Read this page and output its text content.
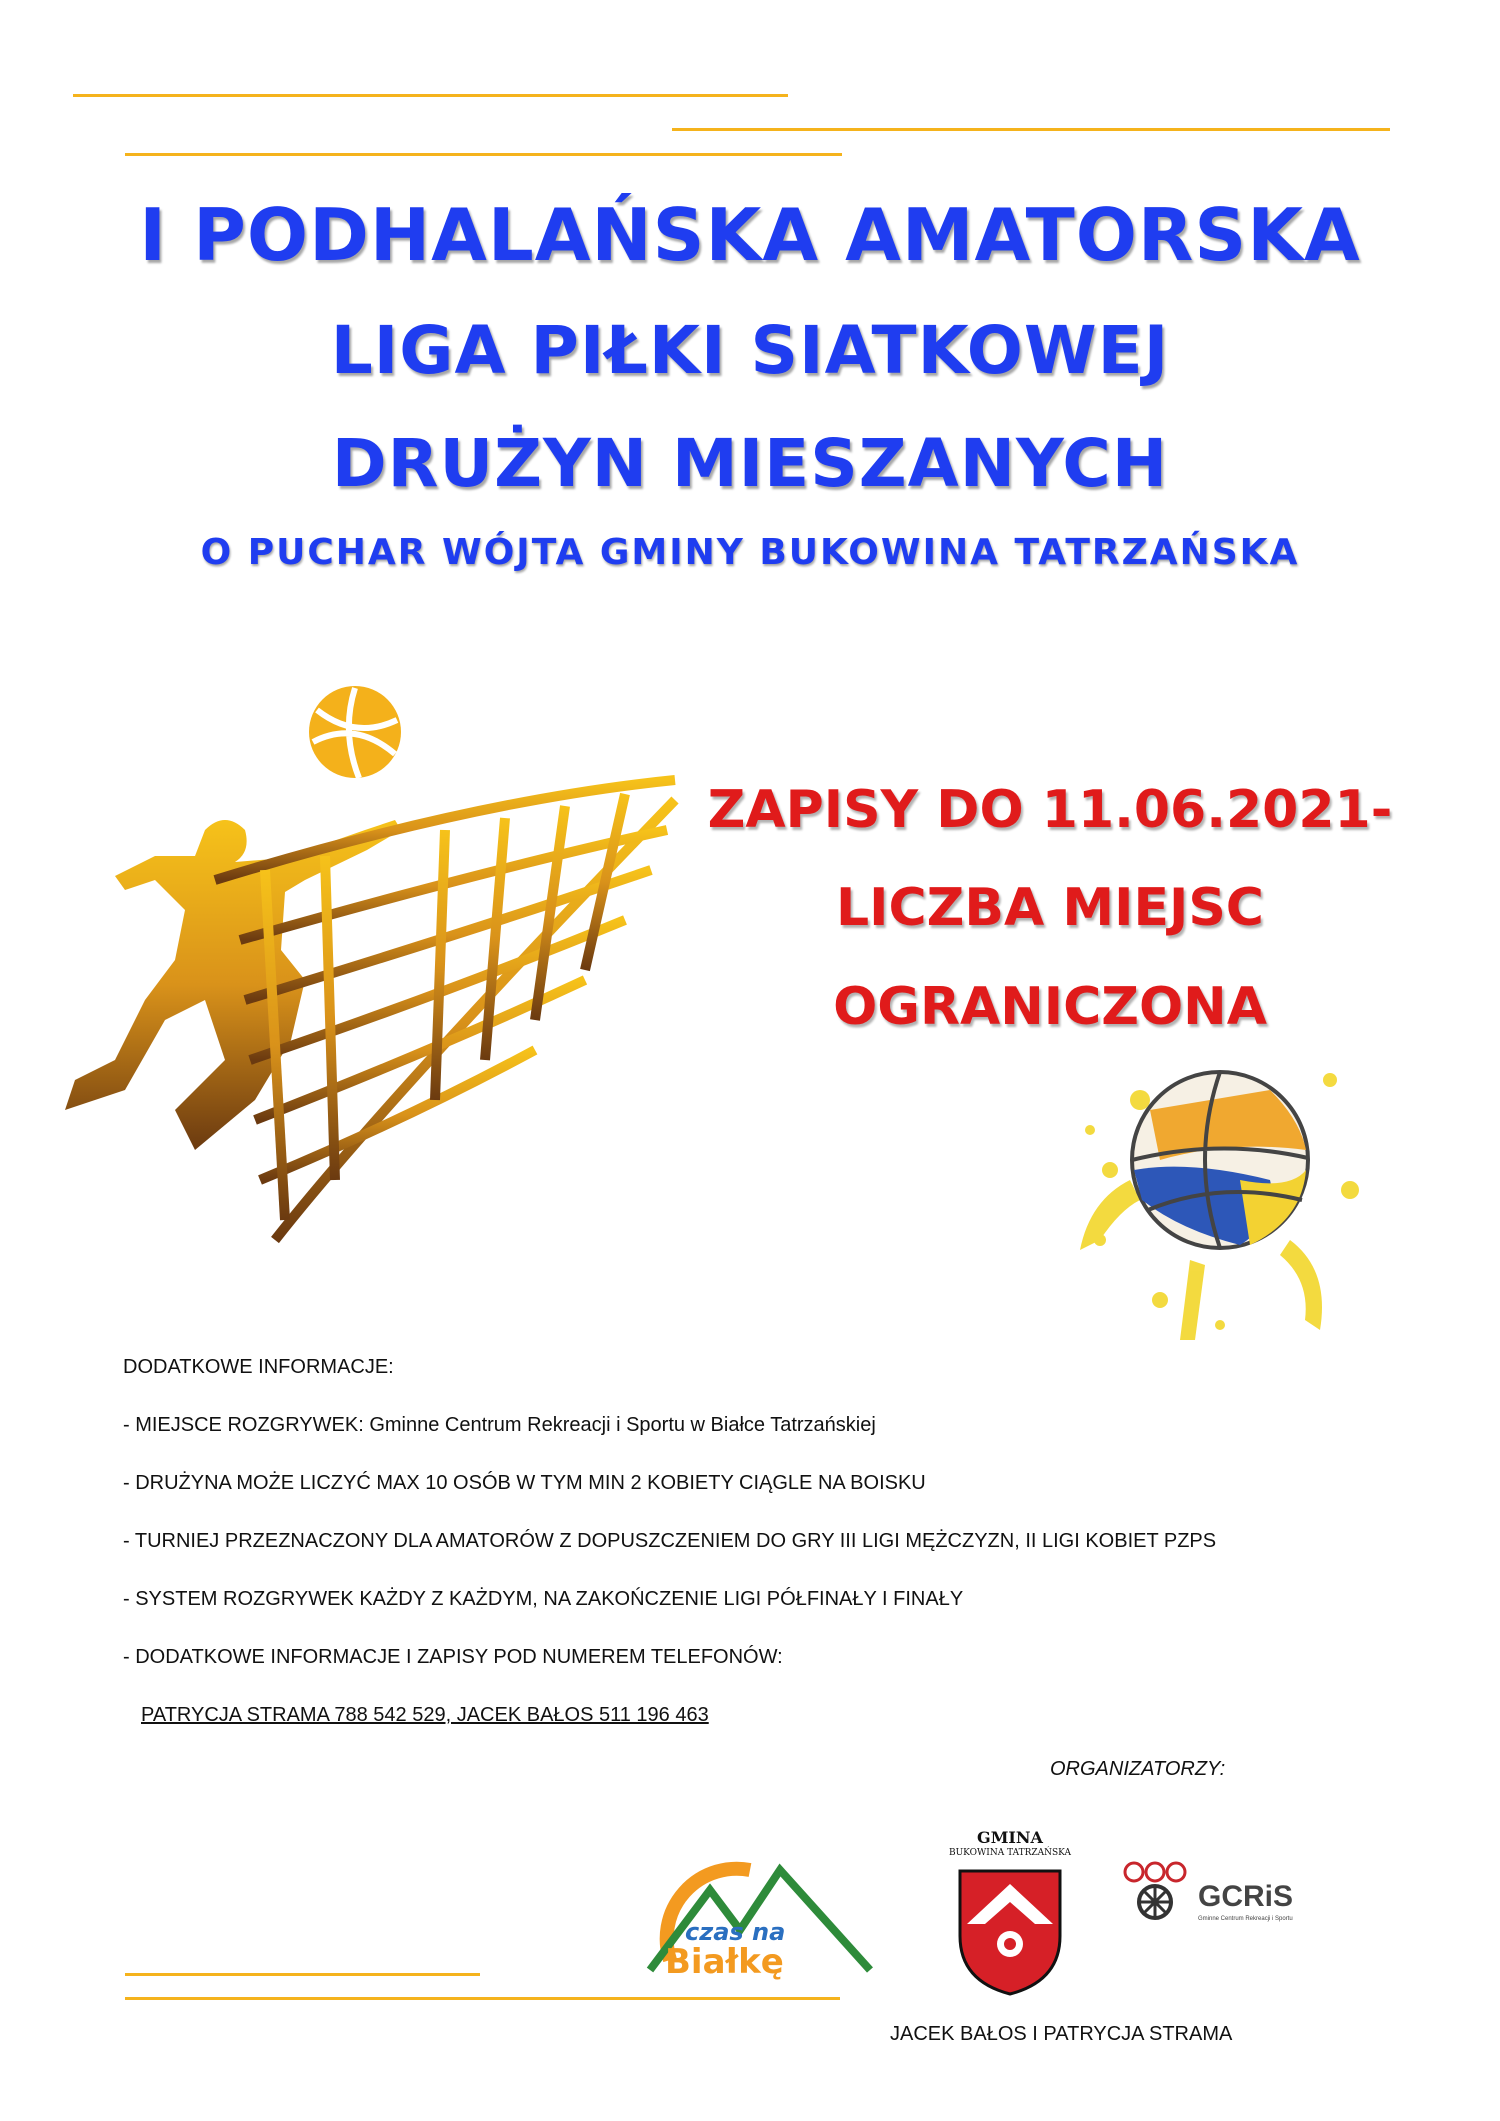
I PODHALAŃSKA AMATORSKA
LIGA PIŁKI SIATKOWEJ
DRUŻYN MIESZANYCH
O PUCHAR WÓJTA GMINY BUKOWINA TATRZAŃSKA
ZAPISY DO 11.06.2021-
LICZBA MIEJSC
OGRANICZONA
DODATKOWE INFORMACJE:
- MIEJSCE ROZGRYWEK: Gminne Centrum Rekreacji i Sportu w Białce Tatrzańskiej
- DRUŻYNA MOŻE LICZYĆ MAX 10 OSÓB W TYM MIN 2 KOBIETY CIĄGLE NA BOISKU
- TURNIEJ PRZEZNACZONY DLA AMATORÓW Z DOPUSZCZENIEM DO GRY III LIGI MĘŻCZYZN, II LIGI KOBIET PZPS
- SYSTEM ROZGRYWEK KAŻDY Z KAŻDYM, NA ZAKOŃCZENIE LIGI PÓŁFINAŁY I FINAŁY
- DODATKOWE INFORMACJE I ZAPISY POD NUMEREM TELEFONÓW:
PATRYCJA STRAMA 788 542 529, JACEK BAŁOS 511 196 463
ORGANIZATORZY:
czas na
Białkę
GMINA
BUKOWINA TATRZAŃSKA
GCRiS
Gminne Centrum Rekreacji i Sportu
JACEK BAŁOS I PATRYCJA STRAMA
